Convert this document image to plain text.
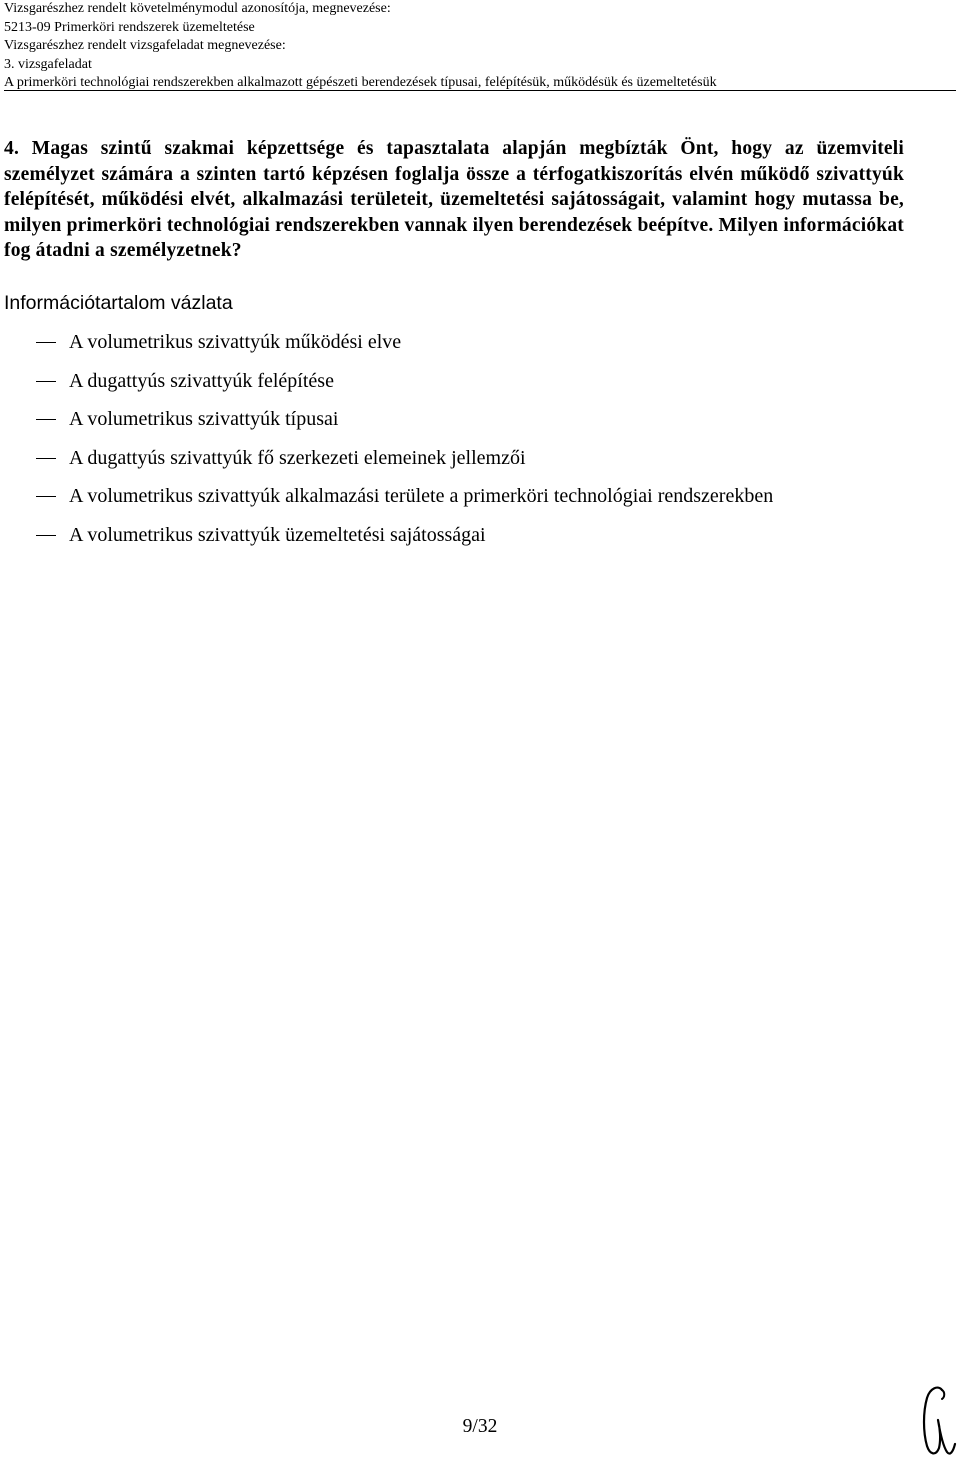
Vizsgarészhez rendelt követelménymodul azonosítója, megnevezése:
5213-09 Primerköri rendszerek üzemeltetése
Vizsgarészhez rendelt vizsgafeladat megnevezése:
3. vizsgafeladat
A primerköri technológiai rendszerekben alkalmazott gépészeti berendezések típusai, felépítésük, működésük és üzemeltetésük
4. Magas szintű szakmai képzettsége és tapasztalata alapján megbízták Önt, hogy az üzemviteli személyzet számára a szinten tartó képzésen foglalja össze a térfogatkiszorítás elvén működő szivattyúk felépítését, működési elvét, alkalmazási területeit, üzemeltetési sajátosságait, valamint hogy mutassa be, milyen primerköri technológiai rendszerekben vannak ilyen berendezések beépítve. Milyen információkat fog átadni a személyzetnek?
Információtartalom vázlata
A volumetrikus szivattyúk működési elve
A dugattyús szivattyúk felépítése
A volumetrikus szivattyúk típusai
A dugattyús szivattyúk fő szerkezeti elemeinek jellemzői
A volumetrikus szivattyúk alkalmazási területe a primerköri technológiai rendszerekben
A volumetrikus szivattyúk üzemeltetési sajátosságai
9/32
